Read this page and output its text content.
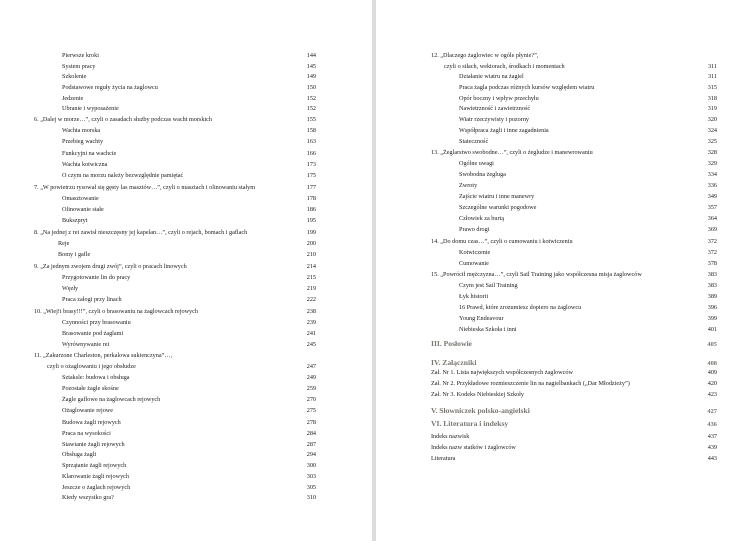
Pierwsze kroki	144
System pracy	145
Szkolenie	149
Podstawowe reguły życia na żaglowcu	150
Jedzenie	152
Ubranie i wyposażenie	152
6. „Dalej w morze…”, czyli o zasadach służby podczas wacht morskich	155
Wachta morska	158
Przebieg wachty	163
Funkcyjni na wachcie	166
Wachta kotwiczna	173
O czym na morzu należy bezwzględnie pamiętać	175
7. „W powietrzu rysował się gęsty las masztów…”, czyli o masztach i olinowaniu stałym	177
Omasztowanie	178
Olinowanie stałe	186
Bukszpryt	195
8. „Na jednej z rei zawisł nieszczęsny jej kapelan…”, czyli o rejach, bomach i gaflach	199
Reje	200
Bomy i gafle	210
9. „Za jednym zwojem drugi zwój”, czyli o pracach linowych	214
Przygotowanie lin do pracy	215
Węzły	219
Praca załogi przy linach	222
10. „Wiej!i brasy!!!”, czyli o brasowaniu na żaglowcach rejowych	238
Czynności przy brasowaniu	239
Brasowanie pod żaglami	241
Wyrównywanie rei	245
11. „Zakurzone Charleston, perkalowa sukienczyna”…,
czyli o ożaglowaniu i jego obsłudze	247
Sztaksle: budowa i obsługa	249
Pozostałe żagle skośne	259
Żagle gaflowe na żaglowcach rejowych	270
Ożaglowanie rejowe	275
Budowa żagli rejowych	278
Praca na wysokości	284
Stawianie żagli rejowych	287
Obsługa żagli	294
Sprzątanie żagli rejowych	300
Klarowanie żagli rejowych	303
Jeszcze o żaglach rejowych	305
Kiedy wszystko gra?	310
12. „Dlaczego żaglowiec w ogóle płynie?”,
czyli o siłach, wektorach, środkach i momentach	311
Działanie wiatru na żagiel	311
Praca żagla podczas różnych kursów względem wiatru	315
Opór boczny i wpływ przechyłu	318
Nawietrzność i zawietrzność	319
Wiatr rzeczywisty i pozorny	320
Współpraca żagli i inne zagadnienia	324
Stateczność	325
13. „Żeglarstwo swobodne…”, czyli o żegludze i manewrowaniu	328
Ogólne uwagi	329
Swobodna żegluga	334
Zwroty	336
Zajście wiatru i inne manewry	349
Szczególne warunki pogodowe	357
Człowiek za burtą	364
Prawo drogi	369
14. „Do domu czas…”, czyli o cumowaniu i kotwiczeniu	372
Kotwiczenie	372
Cumowanie	378
15. „Powrócił mężczyzna…”, czyli Sail Training jako współczesna misja żaglowców	383
Czym jest Sail Training	383
Łyk historii	389
16 Prawd, które zrozumiesz dopiero na żaglowcu	396
Young Endeavour	399
Niebieska Szkoła i inni	401
III. Posłowie	405
IV. Załączniki	408
Zał. Nr 1. Lista największych współczesnych żaglowców	409
Zał. Nr 2. Przykładowe rozmieszczenie lin na nagielbankach („Dar Młodzieży”)	420
Zał. Nr 3. Kodeks Niebieskiej Szkoły	423
V. Słowniczek polsko-angielski	427
VI. Literatura i indeksy	436
Indeks nazwisk	437
Indeks nazw statków i żaglowców	439
Literatura	443
